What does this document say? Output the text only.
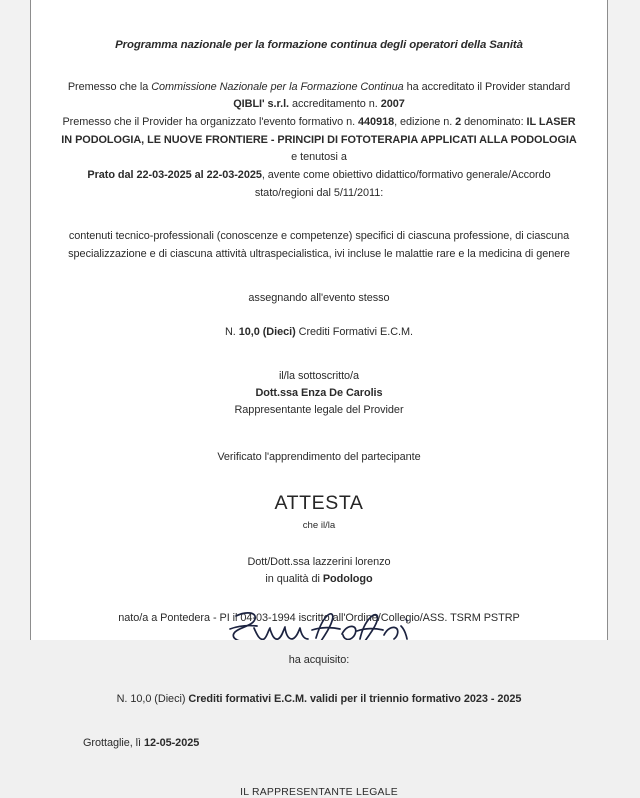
Programma nazionale per la formazione continua degli operatori della Sanità
Premesso che la Commissione Nazionale per la Formazione Continua ha accreditato il Provider standard
QIBLI' s.r.l. accreditamento n. 2007
Premesso che il Provider ha organizzato l'evento formativo n. 440918, edizione n. 2 denominato: IL LASER IN PODOLOGIA, LE NUOVE FRONTIERE - PRINCIPI DI FOTOTERAPIA APPLICATI ALLA PODOLOGIA e tenutosi a
Prato dal 22-03-2025 al 22-03-2025, avente come obiettivo didattico/formativo generale/Accordo
stato/regioni dal 5/11/2011:
contenuti tecnico-professionali (conoscenze e competenze) specifici di ciascuna professione, di ciascuna specializzazione e di ciascuna attività ultraspecialistica, ivi incluse le malattie rare e la medicina di genere
assegnando all'evento stesso
N. 10,0 (Dieci) Crediti Formativi E.C.M.
il/la sottoscritto/a
Dott.ssa Enza De Carolis
Rappresentante legale del Provider
Verificato l'apprendimento del partecipante
ATTESTA
che il/la
Dott/Dott.ssa lazzerini lorenzo
in qualità di Podologo
nato/a a Pontedera - PI il 04-03-1994 iscritto all'Ordine/Collegio/ASS. TSRM PSTRP
ha acquisito:
N. 10,0 (Dieci) Crediti formativi E.C.M. validi per il triennio formativo 2023 - 2025
Grottaglie, lì 12-05-2025
IL RAPPRESENTANTE LEGALE
